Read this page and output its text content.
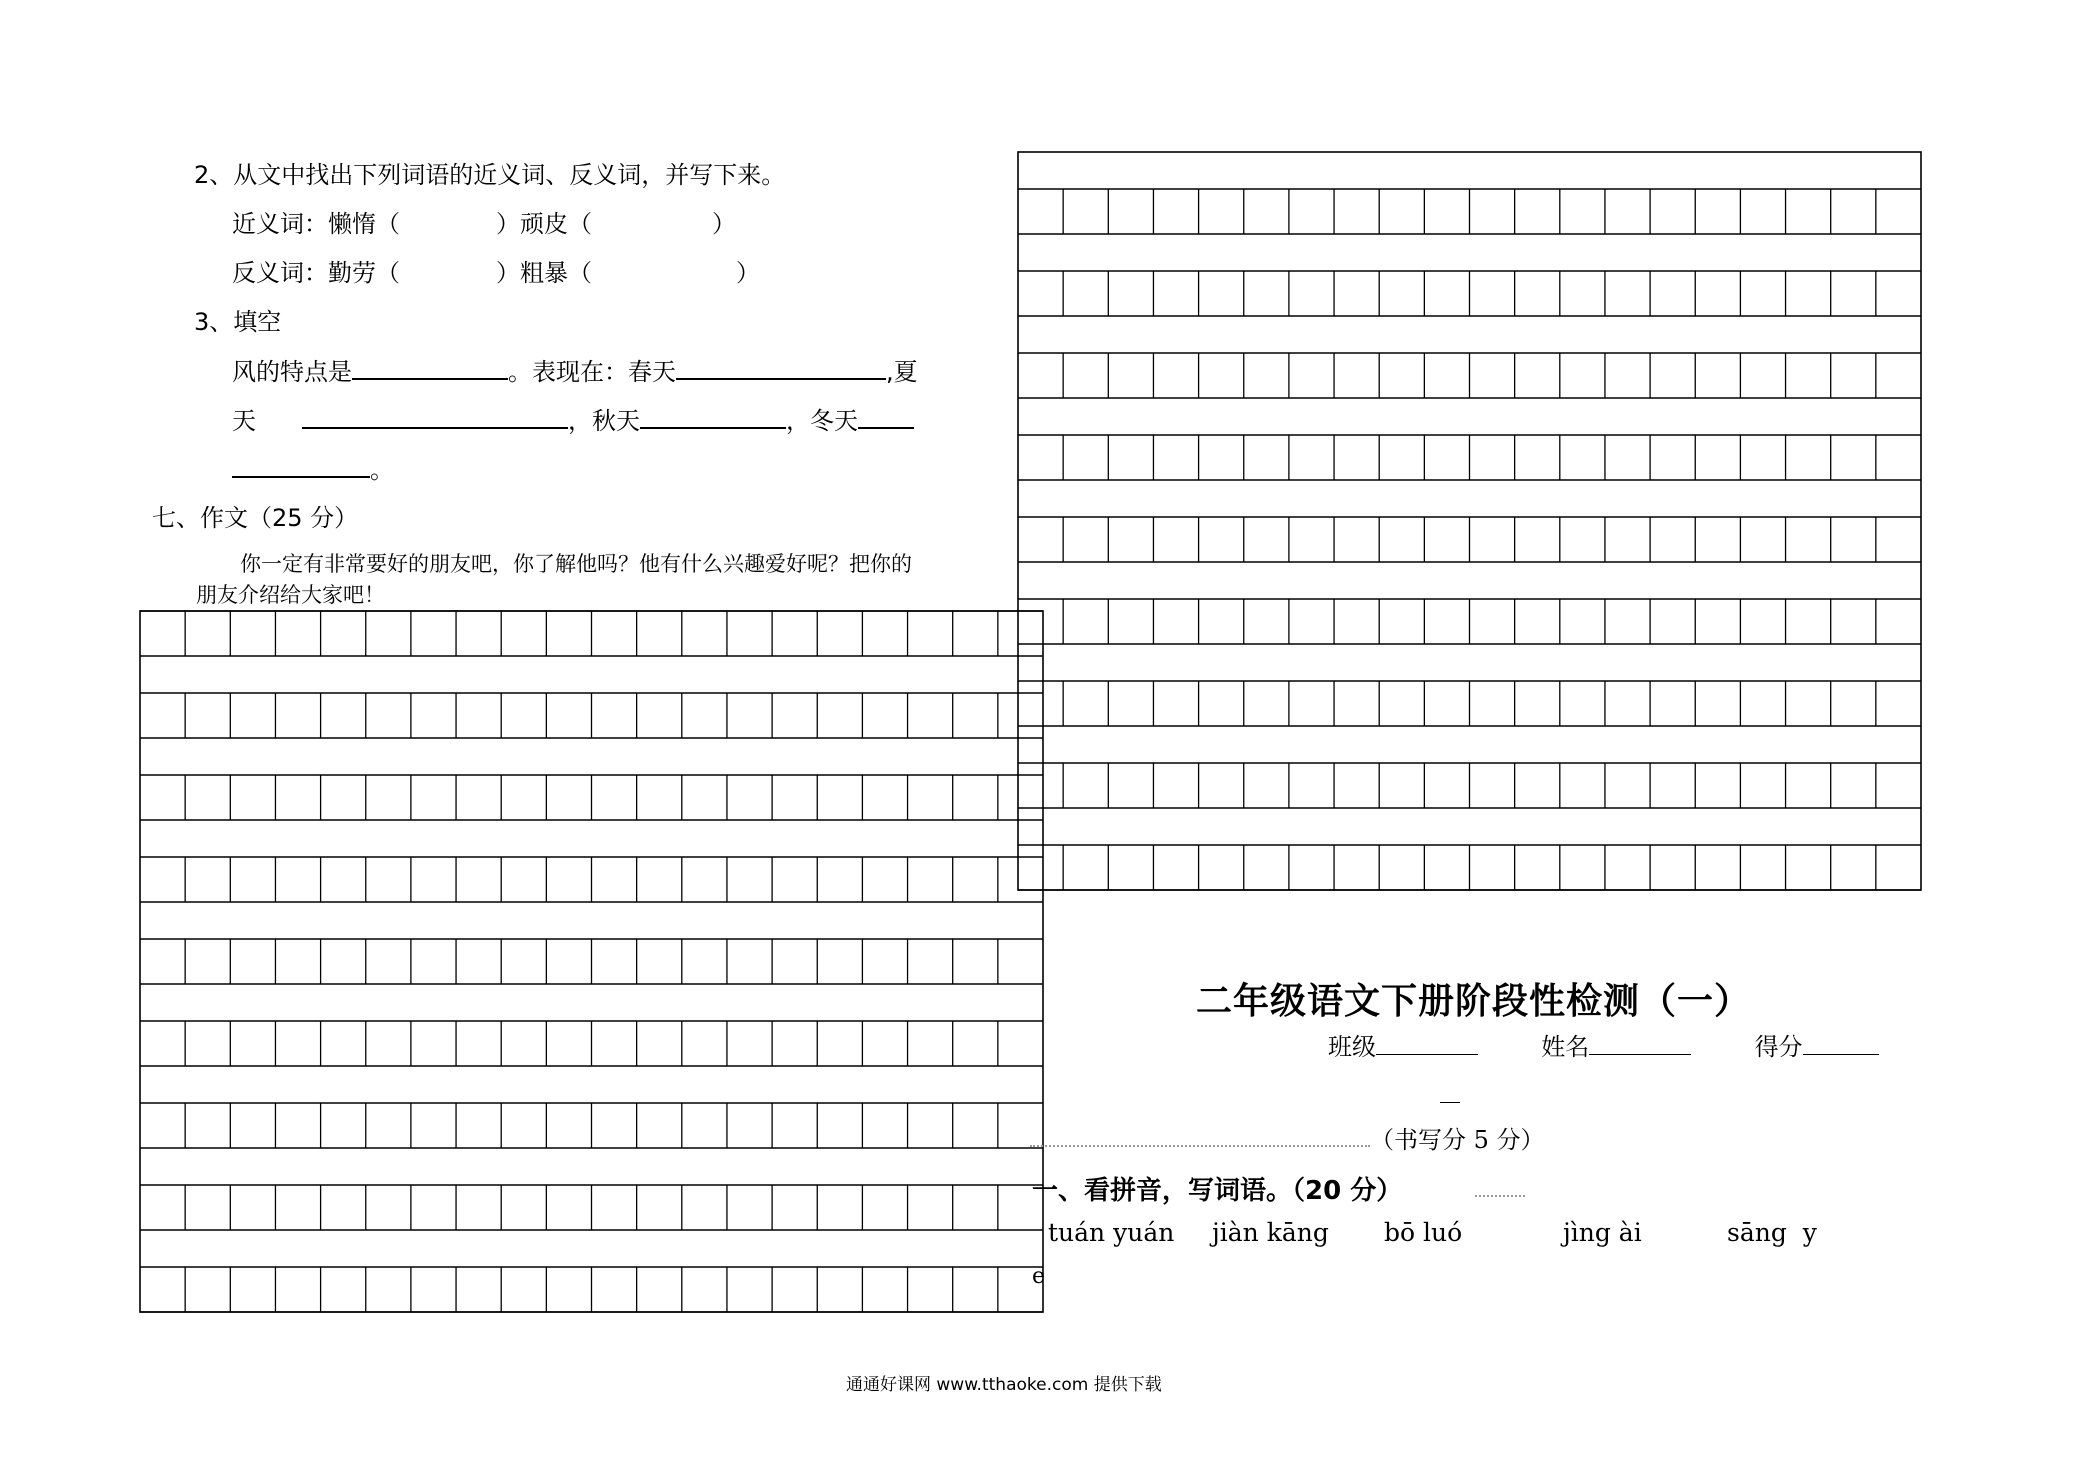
2、从文中找出下列词语的近义词、反义词，并写下来。
近义词：懒惰（　　　　）顽皮（　　　　　）
反义词：勤劳（　　　　）粗暴（　　　　　　）
3、填空
风的特点是	。表现在：春天	,夏
天	，秋天	，冬天
。
七、作文（25 分）
你一定有非常要好的朋友吧，你了解他吗？他有什么兴趣爱好呢？把你的
朋友介绍给大家吧！
二年级语文下册阶段性检测（一）
班级	姓名	得分
（书写分 5 分）
一、看拼音，写词语。（20 分）
tuán yuán jiàn kāng bō luó	jìng ài	sāng  y
e
通通好课网 www.tthaoke.com 提供下载
